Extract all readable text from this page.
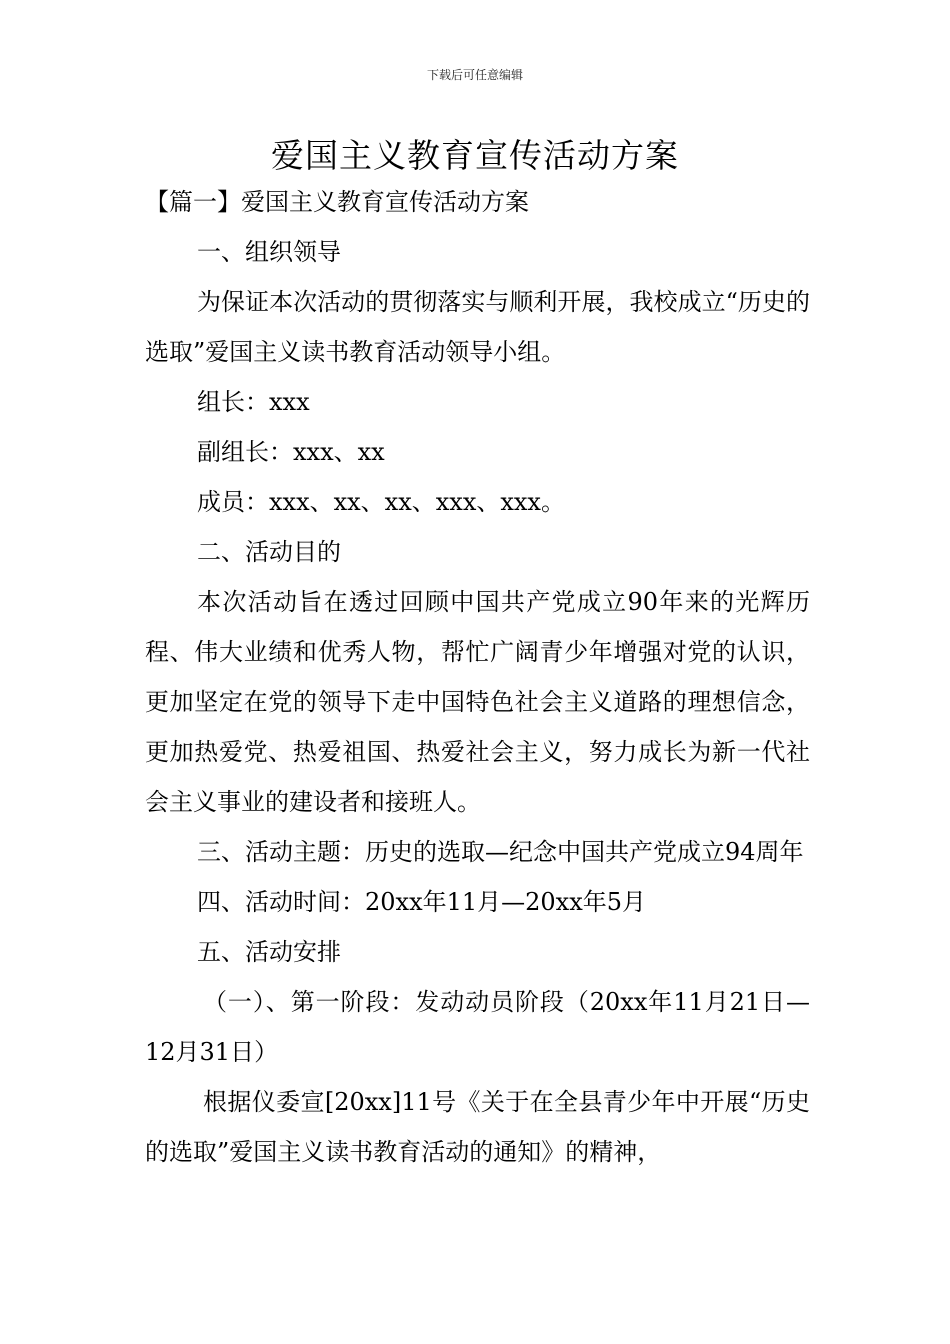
下载后可任意编辑
爱国主义教育宣传活动方案

【篇一】爱国主义教育宣传活动方案

一、组织领导

为保证本次活动的贯彻落实与顺利开展，我校成立“历史的选取”爱国主义读书教育活动领导小组。

组长：xxx

副组长：xxx、xx

成员：xxx、xx、xx、xxx、xxx。

二、活动目的

本次活动旨在透过回顾中国共产党成立90年来的光辉历程、伟大业绩和优秀人物，帮忙广阔青少年增强对党的认识，更加坚定在党的领导下走中国特色社会主义道路的理想信念，更加热爱党、热爱祖国、热爱社会主义，努力成长为新一代社会主义事业的建设者和接班人。

三、活动主题：历史的选取—纪念中国共产党成立94周年

四、活动时间：20xx年11月—20xx年5月

五、活动安排

（一）、第一阶段：发动动员阶段（20xx年11月21日—12月31日）

根据仪委宣[20xx]11号《关于在全县青少年中开展“历史的选取”爱国主义读书教育活动的通知》的精神，
